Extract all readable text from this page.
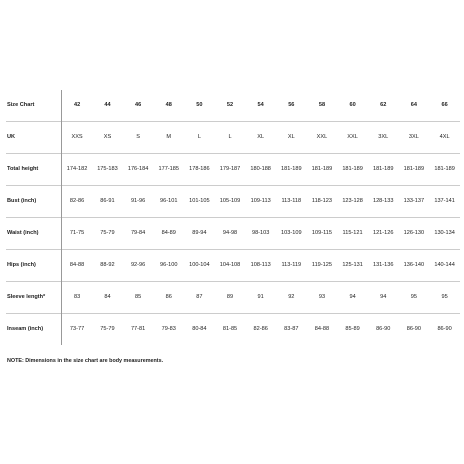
Size Chart	42	44	46	48	50	52	54	56	58	60	62	64	66
UK	XXS	XS	S	M	L	L	XL	XL	XXL	XXL	3XL	3XL	4XL
Total height	174-182	175-183	176-184	177-185	178-186	179-187	180-188	181-189	181-189	181-189	181-189	181-189	181-189
Bust (inch)	82-86	86-91	91-96	96-101	101-105	105-109	109-113	113-118	118-123	123-128	128-133	133-137	137-141
Waist (inch)	71-75	75-79	79-84	84-89	89-94	94-98	98-103	103-109	109-115	115-121	121-126	126-130	130-134
Hips (inch)	84-88	88-92	92-96	96-100	100-104	104-108	108-113	113-119	119-125	125-131	131-136	136-140	140-144
Sleeve length*	83	84	85	86	87	89	91	92	93	94	94	95	95
Inseam (inch)	73-77	75-79	77-81	79-83	80-84	81-85	82-86	83-87	84-88	85-89	86-90	86-90	86-90
NOTE: Dimensions in the size chart are body measurements.
